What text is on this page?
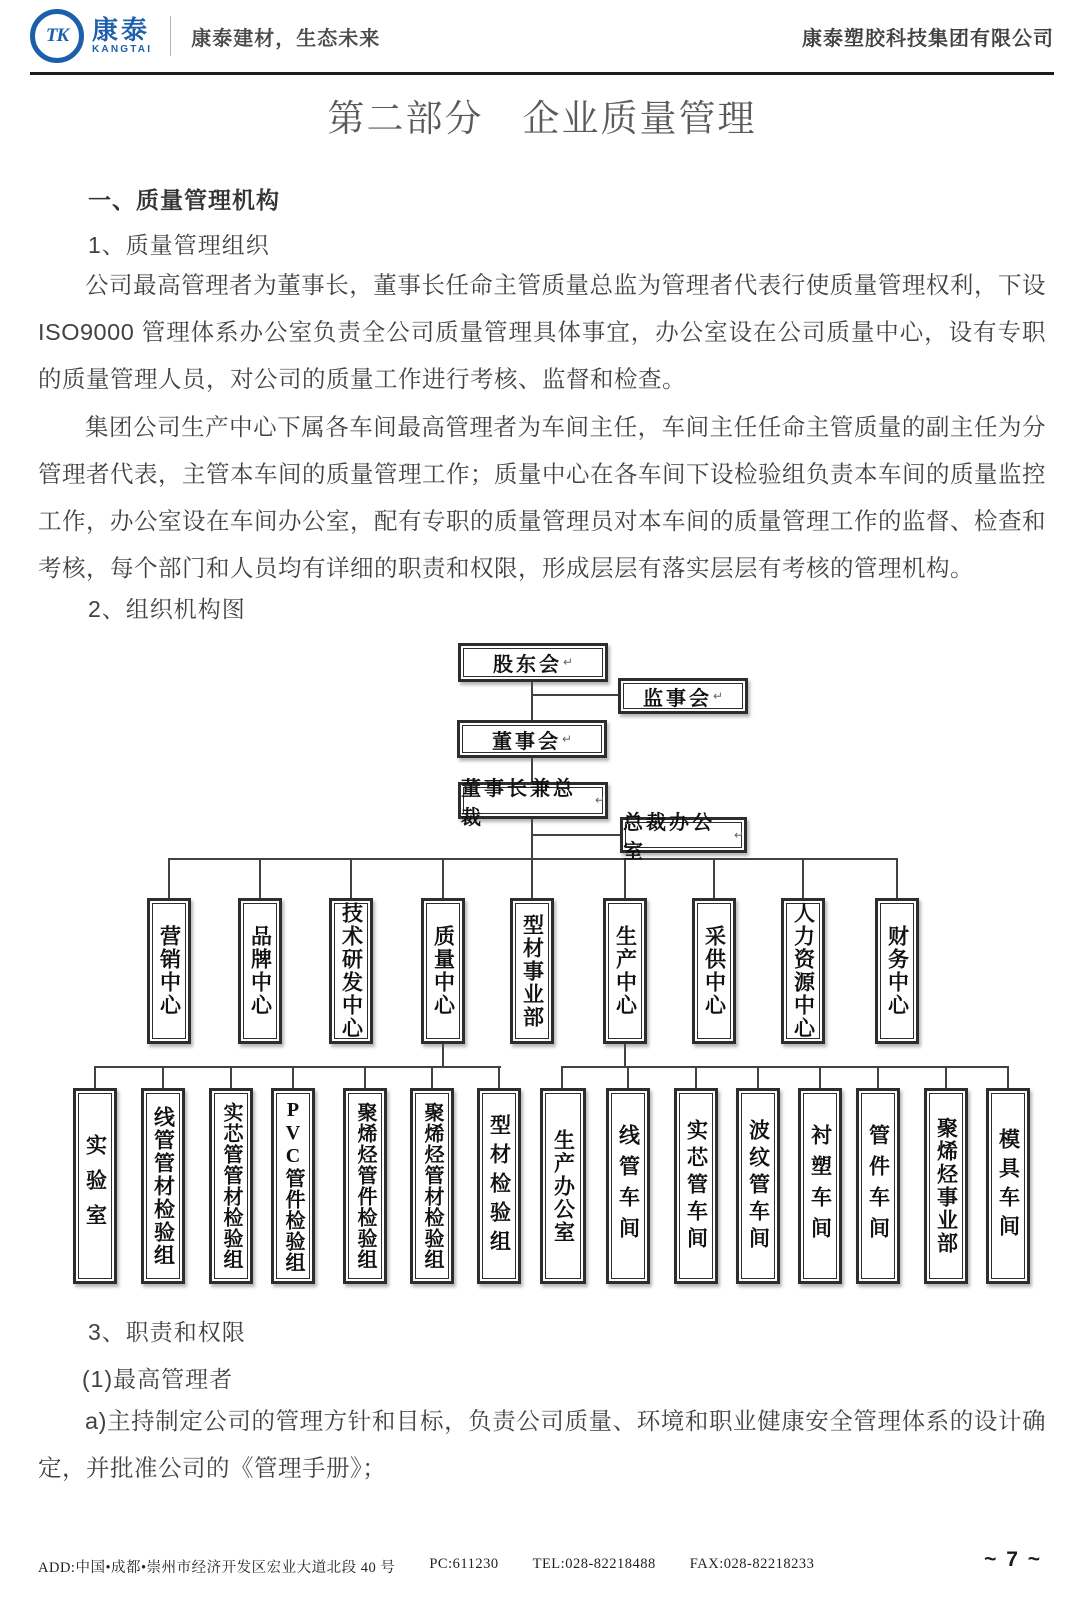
TK 康泰
KANGTAI 康泰建材，生态未来	康泰塑胶科技集团有限公司
第二部分　企业质量管理
一、质量管理机构
1、质量管理组织
公司最高管理者为董事长，董事长任命主管质量总监为管理者代表行使质量管理权利，下设 ISO9000 管理体系办公室负责全公司质量管理具体事宜，办公室设在公司质量中心，设有专职的质量管理人员，对公司的质量工作进行考核、监督和检查。
集团公司生产中心下属各车间最高管理者为车间主任，车间主任任命主管质量的副主任为分管理者代表，主管本车间的质量管理工作；质量中心在各车间下设检验组负责本车间的质量监控工作，办公室设在车间办公室，配有专职的质量管理员对本车间的质量管理工作的监督、检查和考核，每个部门和人员均有详细的职责和权限，形成层层有落实层层有考核的管理机构。
2、组织机构图
股东会 ↵
监事会 ↵
董事会 ↵
董事长兼总裁
↵
总裁办公室
↵
营销中心	品牌中心	技术研发中心	质量中心	型材事业部	生产中心	采供中心	人力资源中心	财务中心
实验室 线管管材检验组 实芯管管材检验组 PVC管件检验组	聚烯烃管件检验组 聚烯烃管材检验组 型材检验组 生产办公室 线管车间 实芯管车间 波纹管车间 衬塑车间 管件车间 聚烯烃事业部 模具车间
3、职责和权限
(1)最高管理者
a)主持制定公司的管理方针和目标，负责公司质量、环境和职业健康安全管理体系的设计确定，并批准公司的《管理手册》；
ADD:中国•成都•崇州市经济开发区宏业大道北段 40 号 PC:611230 TEL:028-82218488 FAX:028-82218233	~ 7 ~
